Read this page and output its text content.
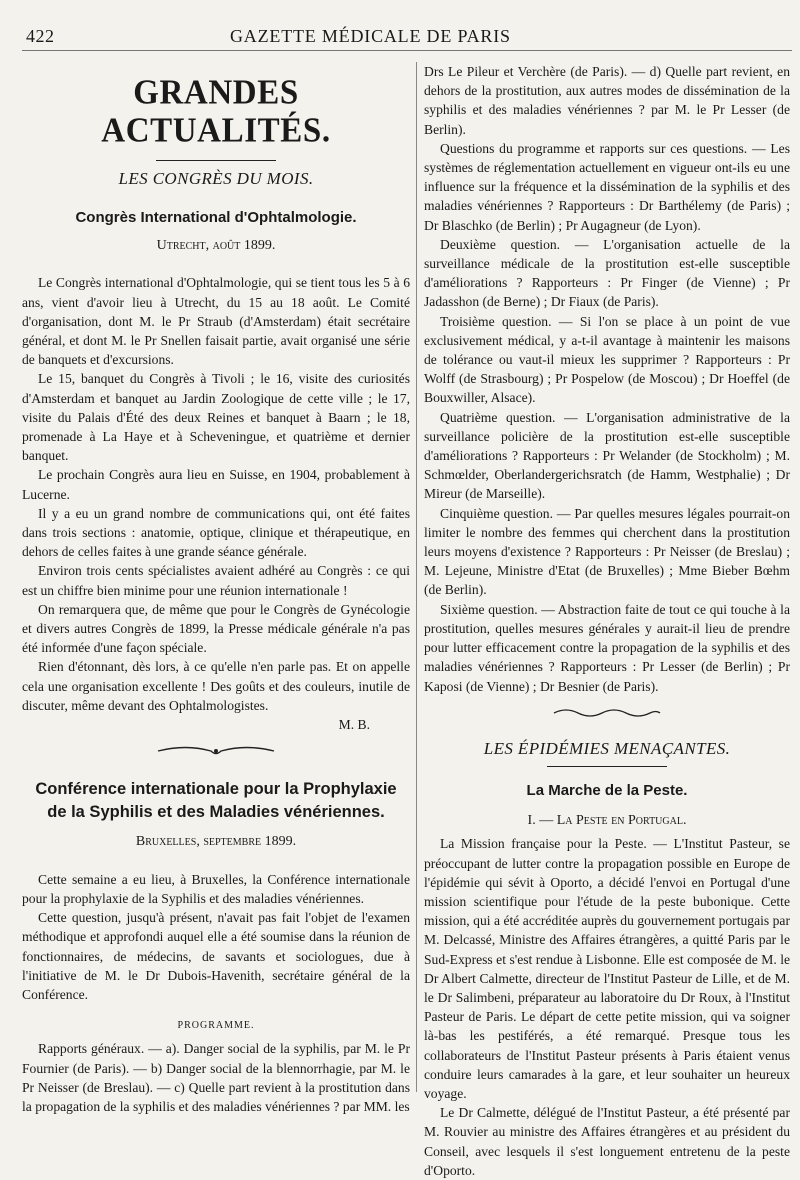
422	GAZETTE MÉDICALE DE PARIS
GRANDES ACTUALITÉS.
LES CONGRÈS DU MOIS.
Congrès International d'Ophtalmologie.
Utrecht, août 1899.

Le Congrès international d'Ophtalmologie, qui se tient tous les 5 à 6 ans, vient d'avoir lieu à Utrecht, du 15 au 18 août. Le Comité d'organisation, dont M. le Pr Straub (d'Amsterdam) était secrétaire général, et dont M. le Pr Snellen faisait partie, avait organisé une série de banquets et d'excursions.

Le 15, banquet du Congrès à Tivoli ; le 16, visite des curiosités d'Amsterdam et banquet au Jardin Zoologique de cette ville ; le 17, visite du Palais d'Été des deux Reines et banquet à Baarn ; le 18, promenade à La Haye et à Scheveningue, et quatrième et dernier banquet.

Le prochain Congrès aura lieu en Suisse, en 1904, probablement à Lucerne.

Il y a eu un grand nombre de communications qui, ont été faites dans trois sections : anatomie, optique, clinique et thérapeutique, en dehors de celles faites à une grande séance générale.

Environ trois cents spécialistes avaient adhéré au Congrès : ce qui est un chiffre bien minime pour une réunion internationale !

On remarquera que, de même que pour le Congrès de Gynécologie et divers autres Congrès de 1899, la Presse médicale générale n'a pas été informée d'une façon spéciale.

Rien d'étonnant, dès lors, à ce qu'elle n'en parle pas. Et on appelle cela une organisation excellente ! Des goûts et des couleurs, inutile de discuter, même devant des Ophtalmologistes.

M. B.
Conférence internationale pour la Prophylaxie
de la Syphilis et des Maladies vénériennes.
Bruxelles, septembre 1899.

Cette semaine a eu lieu, à Bruxelles, la Conférence internationale pour la prophylaxie de la Syphilis et des maladies vénériennes.

Cette question, jusqu'à présent, n'avait pas fait l'objet de l'examen méthodique et approfondi auquel elle a été soumise dans la réunion de fonctionnaires, de médecins, de savants et sociologues, due à l'initiative de M. le Dr Dubois-Havenith, secrétaire général de la Conférence.

PROGRAMME.

Rapports généraux. — a). Danger social de la syphilis, par M. le Pr Fournier (de Paris). — b) Danger social de la blennorrhagie, par M. le Pr Neisser (de Breslau). — c) Quelle part revient à la prostitution dans la propagation de la syphilis et des maladies vénériennes ? par MM. les

Drs Le Pileur et Verchère (de Paris). — d) Quelle part revient, en dehors de la prostitution, aux autres modes de dissémination de la syphilis et des maladies vénériennes ? par M. le Pr Lesser (de Berlin).

Questions du programme et rapports sur ces questions. — Les systèmes de réglementation actuellement en vigueur ont-ils eu une influence sur la fréquence et la dissémination de la syphilis et des maladies vénériennes ? Rapporteurs : Dr Barthélemy (de Paris) ; Dr Blaschko (de Berlin) ; Pr Augagneur (de Lyon).

Deuxième question. — L'organisation actuelle de la surveillance médicale de la prostitution est-elle susceptible d'améliorations ? Rapporteurs : Pr Finger (de Vienne) ; Pr Jadasshon (de Berne) ; Dr Fiaux (de Paris).

Troisième question. — Si l'on se place à un point de vue exclusivement médical, y a-t-il avantage à maintenir les maisons de tolérance ou vaut-il mieux les supprimer ? Rapporteurs : Pr Wolff (de Strasbourg) ; Pr Pospelow (de Moscou) ; Dr Hoeffel (de Bouxwiller, Alsace).

Quatrième question. — L'organisation administrative de la surveillance policière de la prostitution est-elle susceptible d'améliorations ? Rapporteurs : Pr Welander (de Stockholm) ; M. Schmœlder, Oberlandergerichsratch (de Hamm, Westphalie) ; Dr Mireur (de Marseille).

Cinquième question. — Par quelles mesures légales pourrait-on limiter le nombre des femmes qui cherchent dans la prostitution leurs moyens d'existence ? Rapporteurs : Pr Neisser (de Breslau) ; M. Lejeune, Ministre d'Etat (de Bruxelles) ; Mme Bieber Bœhm (de Berlin).

Sixième question. — Abstraction faite de tout ce qui touche à la prostitution, quelles mesures générales y aurait-il lieu de prendre pour lutter efficacement contre la propagation de la syphilis et des maladies vénériennes ? Rapporteurs : Pr Lesser (de Berlin) ; Pr Kaposi (de Vienne) ; Dr Besnier (de Paris).

LES ÉPIDÉMIES MENAÇANTES.
La Marche de la Peste.
I. — La Peste en Portugal.

La Mission française pour la Peste. — L'Institut Pasteur, se préoccupant de lutter contre la propagation possible en Europe de l'épidémie qui sévit à Oporto, a décidé l'envoi en Portugal d'une mission scientifique pour l'étude de la peste bubonique. Cette mission, qui a été accréditée auprès du gouvernement portugais par M. Delcassé, Ministre des Affaires étrangères, a quitté Paris par le Sud-Express et s'est rendue à Lisbonne. Elle est composée de M. le Dr Albert Calmette, directeur de l'Institut Pasteur de Lille, et de M. le Dr Salimbeni, préparateur au laboratoire du Dr Roux, à l'Institut Pasteur de Paris. Le départ de cette petite mission, qui va soigner là-bas les pestiférés, a été remarqué. Presque tous les collaborateurs de l'Institut Pasteur présents à Paris étaient venus conduire leurs camarades à la gare, et leur souhaiter un heureux voyage.

Le Dr Calmette, délégué de l'Institut Pasteur, a été présenté par M. Rouvier au ministre des Affaires étrangères et au président du Conseil, avec lesquels il s'est longuement entretenu de la peste d'Oporto.
